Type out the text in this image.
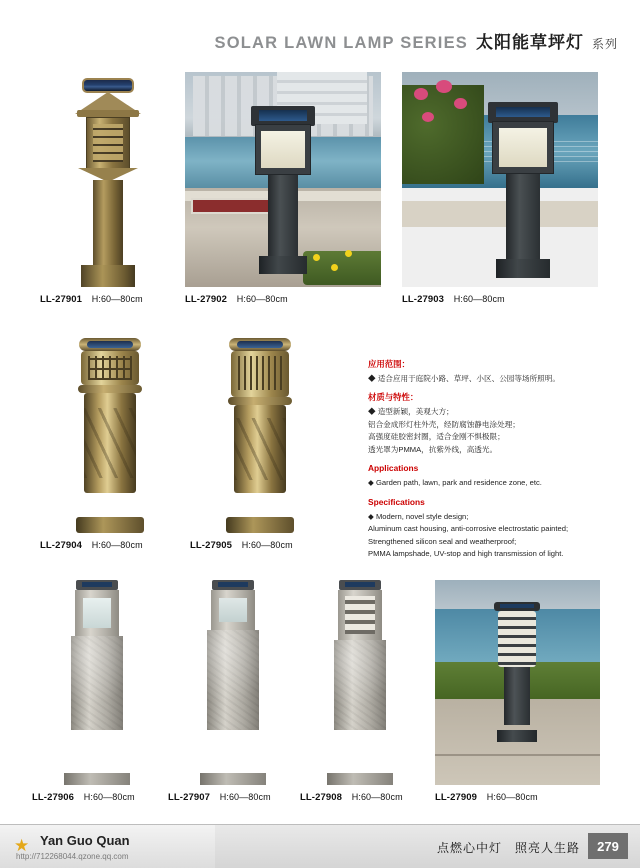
SOLAR LAWN LAMP SERIES 太阳能草坪灯 系列
LL-27901 H:60—80cm	LL-27902 H:60—80cm	LL-27903 H:60—80cm
LL-27904 H:60—80cm	LL-27905 H:60—80cm
应用范围：
◆ 适合应用于庭院小路、草坪、小区、公园等场所照明。
材质与特性：
◆ 造型新颖，美观大方；
铝合金成形灯柱外壳，经防腐蚀静电涂处理；
高强度硅胶密封圈，适合金刚不惧极限；
透光罩为PMMA，抗紫外线，高透光。
Applications
◆ Garden path, lawn, park and residence zone, etc.
Specifications
◆ Modern, novel style design;
Aluminum cast housing, anti-corrosive electrostatic painted;
Strengthened silicon seal and weatherproof;
PMMA lampshade, UV-stop and high transmission of light.
LL-27906 H:60—80cm	LL-27907 H:60—80cm	LL-27908 H:60—80cm	LL-27909 H:60—80cm
★ Yan Guo Quan
http://712268044.qzone.qq.com
点燃心中灯　照亮人生路	279
